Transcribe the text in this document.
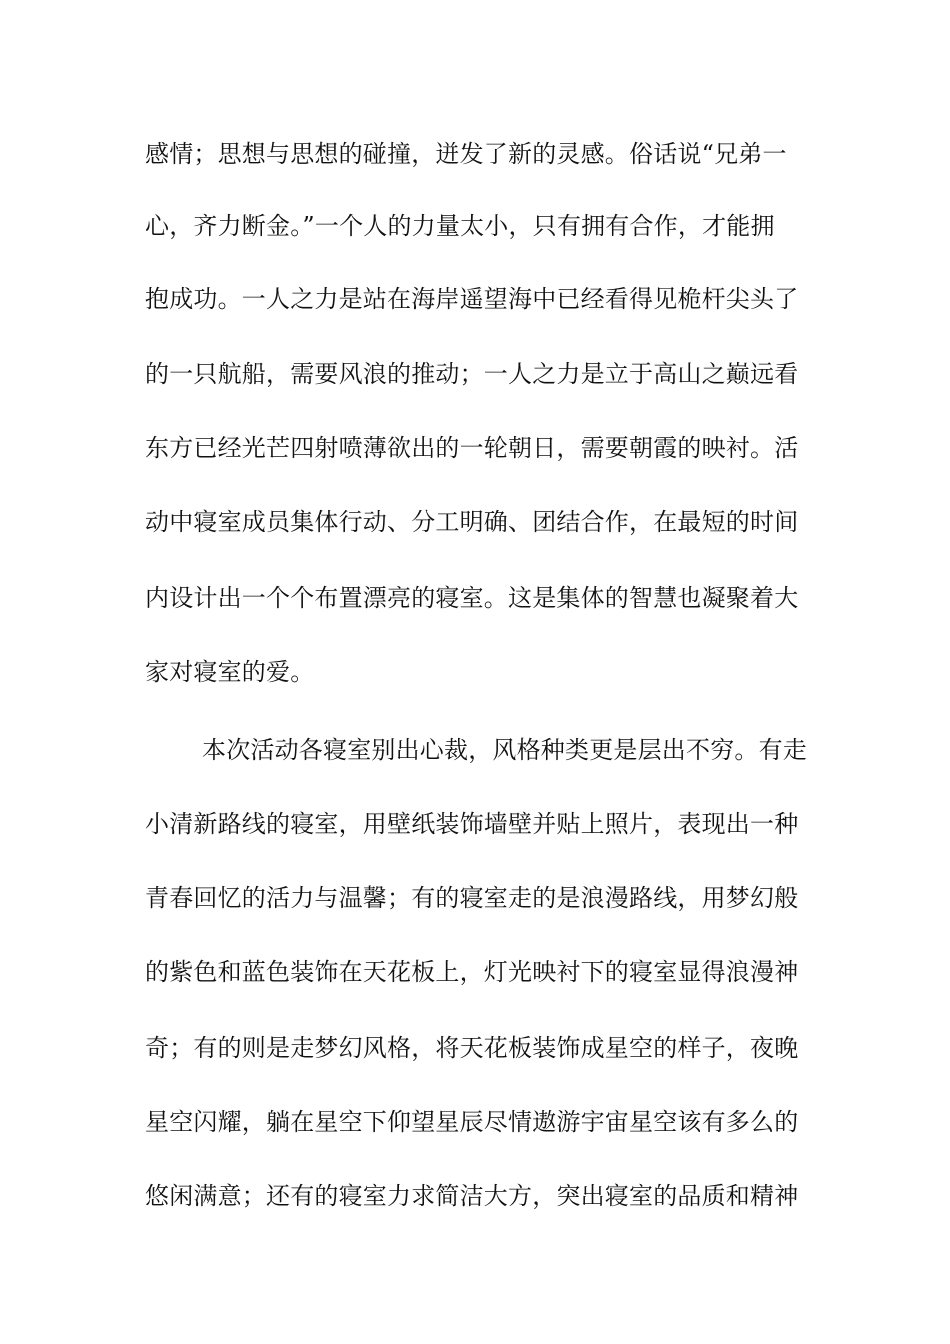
感情；思想与思想的碰撞，迸发了新的灵感。俗话说“兄弟一
心，齐力断金。”一个人的力量太小，只有拥有合作，才能拥
抱成功。一人之力是站在海岸遥望海中已经看得见桅杆尖头了
的一只航船，需要风浪的推动；一人之力是立于高山之巅远看
东方已经光芒四射喷薄欲出的一轮朝日，需要朝霞的映衬。活
动中寝室成员集体行动、分工明确、团结合作，在最短的时间
内设计出一个个布置漂亮的寝室。这是集体的智慧也凝聚着大
家对寝室的爱。
本次活动各寝室别出心裁，风格种类更是层出不穷。有走
小清新路线的寝室，用壁纸装饰墙壁并贴上照片，表现出一种
青春回忆的活力与温馨；有的寝室走的是浪漫路线，用梦幻般
的紫色和蓝色装饰在天花板上，灯光映衬下的寝室显得浪漫神
奇；有的则是走梦幻风格，将天花板装饰成星空的样子，夜晚
星空闪耀，躺在星空下仰望星辰尽情遨游宇宙星空该有多么的
悠闲满意；还有的寝室力求简洁大方，突出寝室的品质和精神
